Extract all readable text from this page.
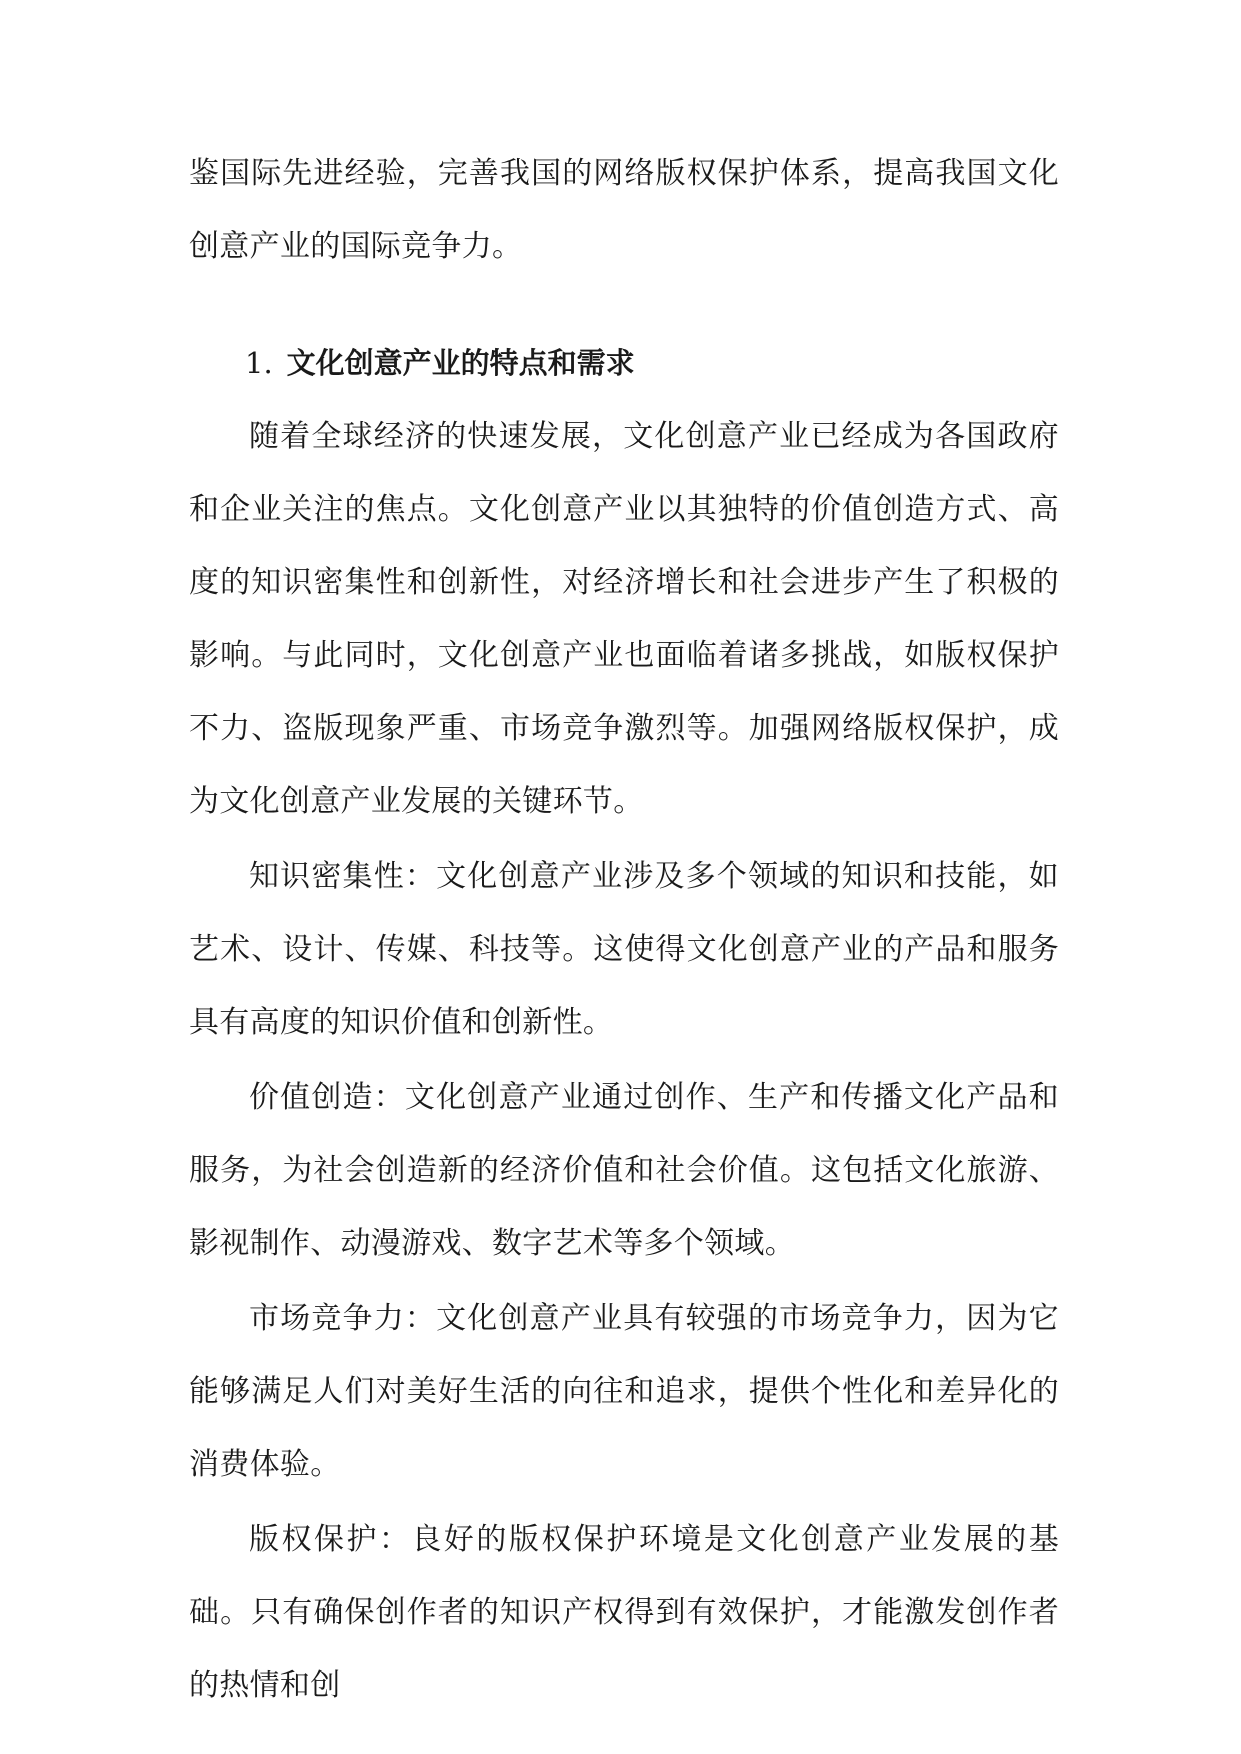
鉴国际先进经验，完善我国的网络版权保护体系，提高我国文化创意产业的国际竞争力。

1. 文化创意产业的特点和需求

随着全球经济的快速发展，文化创意产业已经成为各国政府和企业关注的焦点。文化创意产业以其独特的价值创造方式、高度的知识密集性和创新性，对经济增长和社会进步产生了积极的影响。与此同时，文化创意产业也面临着诸多挑战，如版权保护不力、盗版现象严重、市场竞争激烈等。加强网络版权保护，成为文化创意产业发展的关键环节。

知识密集性：文化创意产业涉及多个领域的知识和技能，如艺术、设计、传媒、科技等。这使得文化创意产业的产品和服务具有高度的知识价值和创新性。

价值创造：文化创意产业通过创作、生产和传播文化产品和服务，为社会创造新的经济价值和社会价值。这包括文化旅游、影视制作、动漫游戏、数字艺术等多个领域。

市场竞争力：文化创意产业具有较强的市场竞争力，因为它能够满足人们对美好生活的向往和追求，提供个性化和差异化的消费体验。

版权保护：良好的版权保护环境是文化创意产业发展的基础。只有确保创作者的知识产权得到有效保护，才能激发创作者的热情和创
